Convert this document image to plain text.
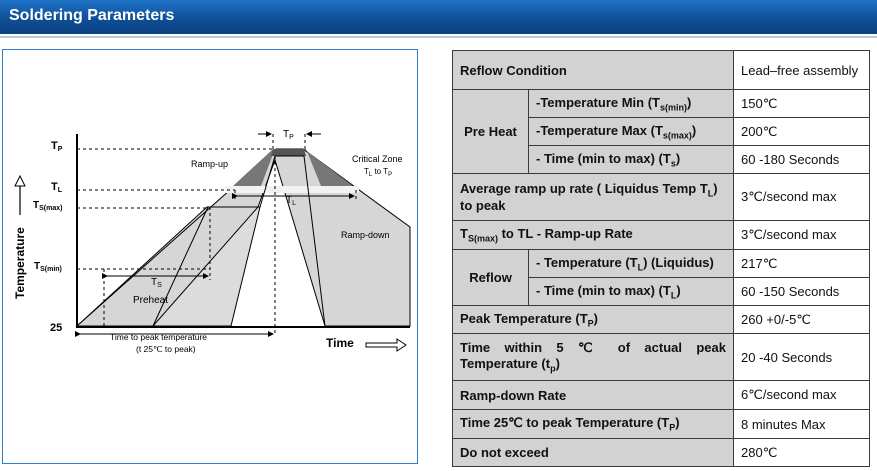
Soldering Parameters
TP
TL
$T_{S(max)}$
$T_{S(min)}$
25
Temperature
Time
Ramp-up
Ramp-down
Critical Zone
$T_L$ to $T_P$
Preheat
$T_S$
$T_L$
$T_P$
Time to peak temperature
(t 25℃ to peak)
Reflow Condition		Lead–free assembly
Pre Heat	-Temperature Min $(T_{s(min)})$	150℃
	-Temperature Max $(T_{s(max)})$	200℃
	- Time (min to max) $(T_s)$	60 -180 Seconds
Average ramp up rate ( Liquidus Temp $T_L$)
to peak		3℃/second max
$T_{S(max)}$ to TL - Ramp-up Rate		3℃/second max
Reflow	- Temperature $(T_L)$ (Liquidus)	217℃
	- Time (min to max) $(T_L)$	60 -150 Seconds
Peak Temperature $(T_P)$		260 +0/-5℃

Time within 5 ℃ of actual peak
Temperature $(t_p)$		20 -40 Seconds
Ramp-down Rate		6℃/second max
Time 25℃ to peak Temperature $(T_P)$		8 minutes Max
Do not exceed		280℃
